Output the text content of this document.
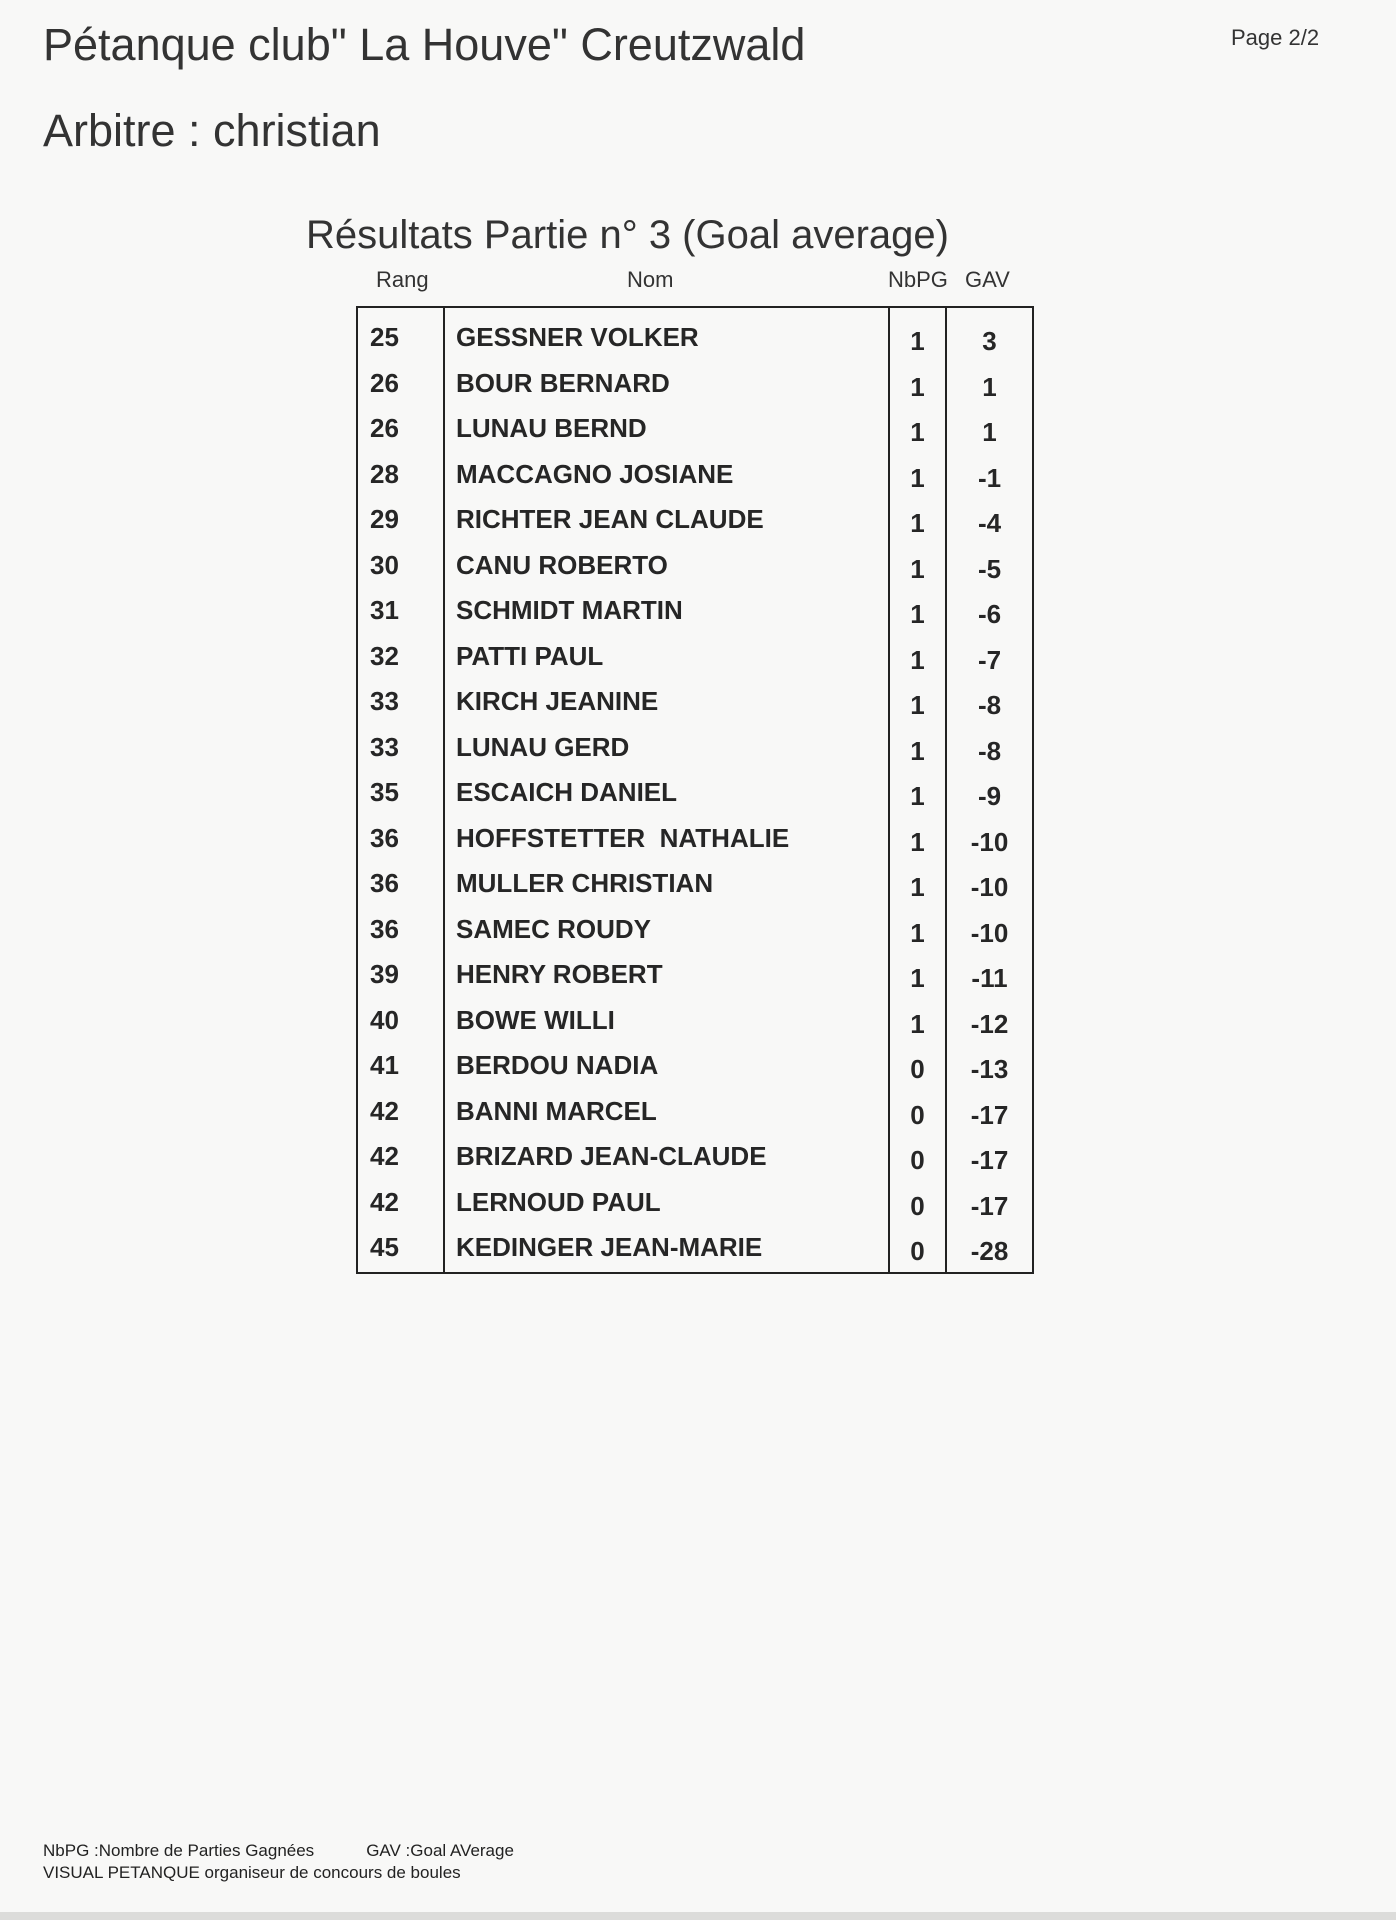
Pétanque club" La Houve" Creutzwald	Page 2/2
Arbitre : christian
Résultats Partie n° 3 (Goal average)
Rang	Nom	NbPG GAV
25	GESSNER VOLKER	1	3
26	BOUR BERNARD	1	1
26	LUNAU BERND	1	1
28	MACCAGNO JOSIANE	1	-1
29	RICHTER JEAN CLAUDE	1	-4
30	CANU ROBERTO	1	-5
31	SCHMIDT MARTIN	1	-6
32	PATTI PAUL	1	-7
33	KIRCH JEANINE	1	-8
33	LUNAU GERD	1	-8
35	ESCAICH DANIEL	1	-9
36	HOFFSTETTER  NATHALIE	1	-10
36	MULLER CHRISTIAN	1	-10
36	SAMEC ROUDY	1	-10
39	HENRY ROBERT	1	-11
40	BOWE WILLI	1	-12
41	BERDOU NADIA	0	-13
42	BANNI MARCEL	0	-17
42	BRIZARD JEAN-CLAUDE	0	-17
42	LERNOUD PAUL	0	-17
45	KEDINGER JEAN-MARIE	0	-28
NbPG :Nombre de Parties Gagnées	GAV :Goal AVerage
VISUAL PETANQUE organiseur de concours de boules
